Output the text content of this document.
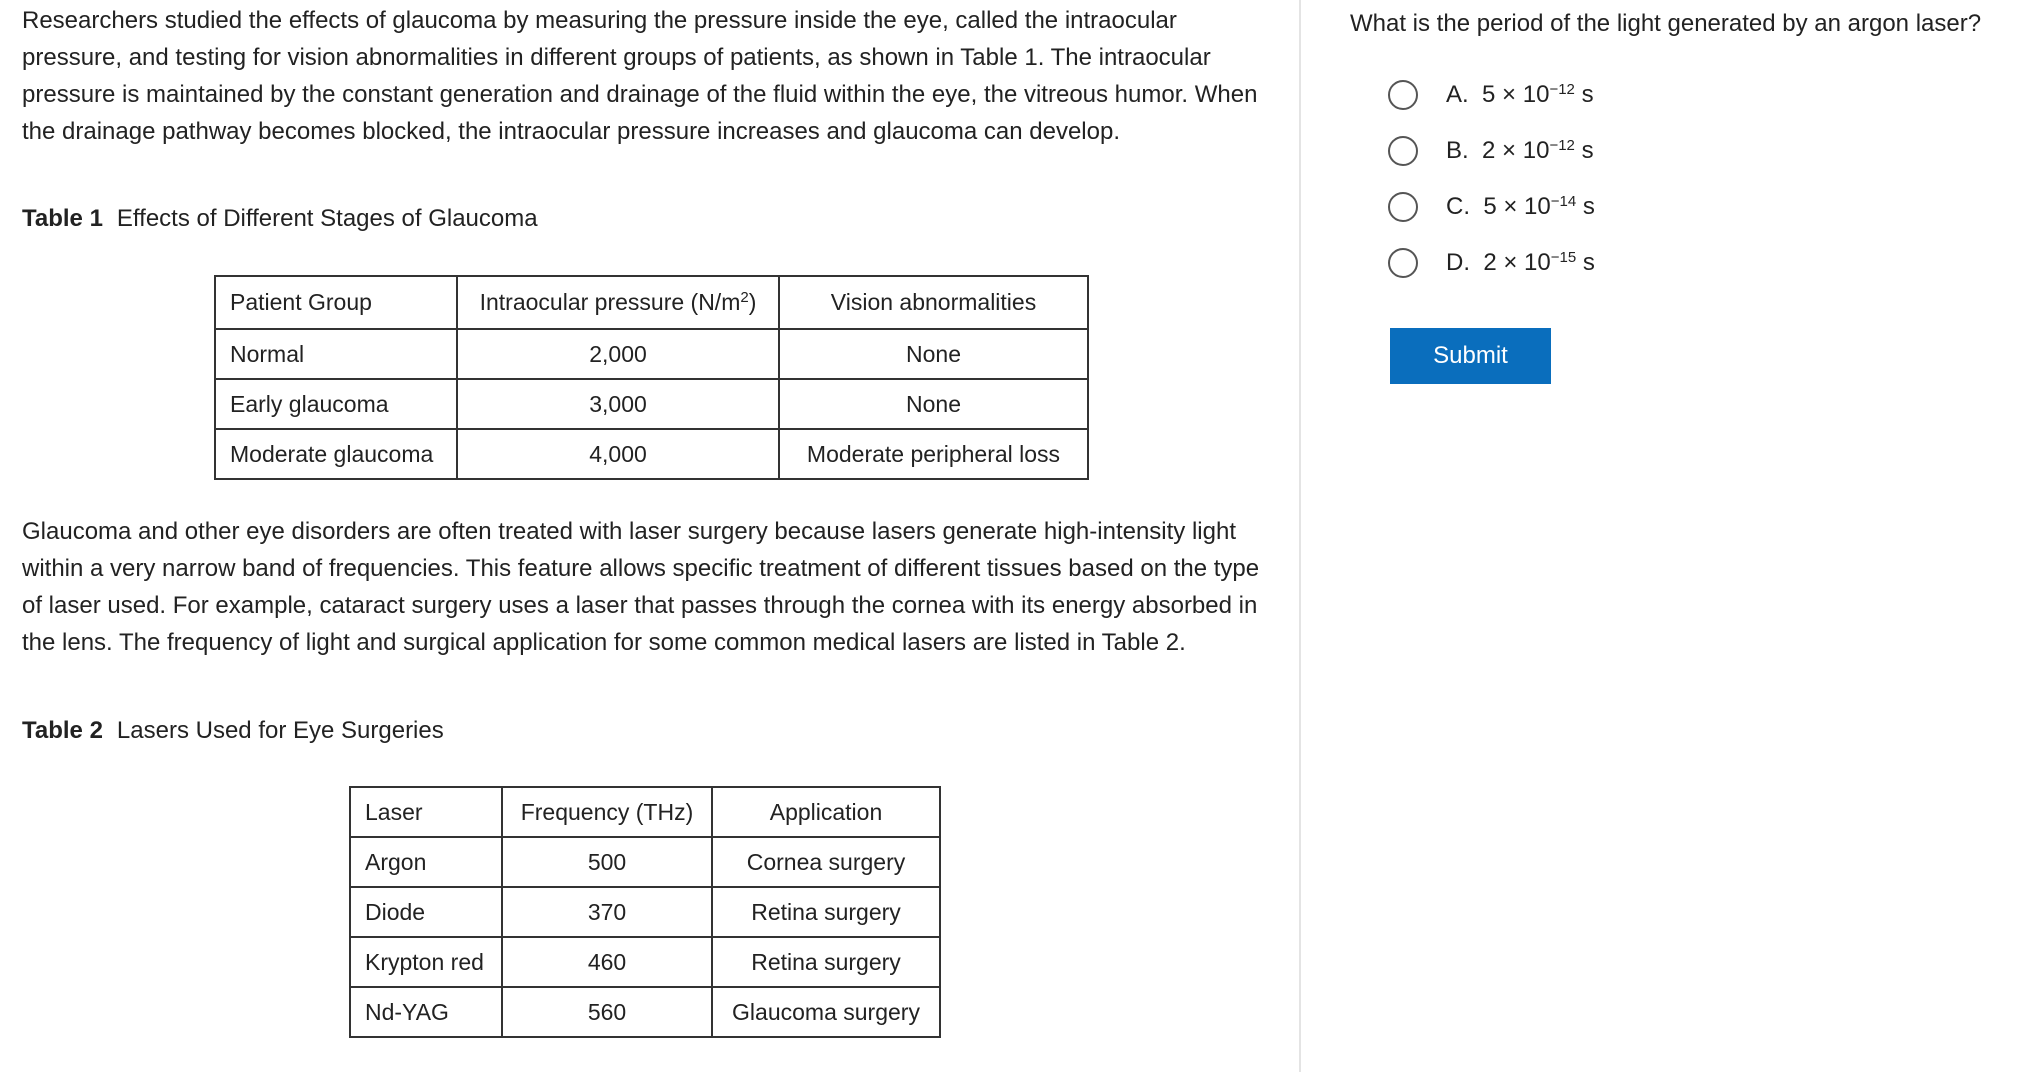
Researchers studied the effects of glaucoma by measuring the pressure inside the eye, called the intraocular pressure, and testing for vision abnormalities in different groups of patients, as shown in Table 1. The intraocular pressure is maintained by the constant generation and drainage of the fluid within the eye, the vitreous humor. When the drainage pathway becomes blocked, the intraocular pressure increases and glaucoma can develop.

Table 1 Effects of Different Stages of Glaucoma

Patient Group	Intraocular pressure $(N/m^2)$	Vision abnormalities
Normal	2,000	None
Early glaucoma	3,000	None
Moderate glaucoma	4,000	Moderate peripheral loss

Glaucoma and other eye disorders are often treated with laser surgery because lasers generate high-intensity light within a very narrow band of frequencies. This feature allows specific treatment of different tissues based on the type of laser used. For example, cataract surgery uses a laser that passes through the cornea with its energy absorbed in the lens. The frequency of light and surgical application for some common medical lasers are listed in Table 2.

Table 2 Lasers Used for Eye Surgeries

Laser	Frequency (THz)	Application
Argon	500	Cornea surgery
Diode	370	Retina surgery
Krypton red	460	Retina surgery
Nd-YAG	560	Glaucoma surgery

What is the period of the light generated by an argon laser?

A. $5 \times 10^{-12}$ s
B. $2 \times 10^{-12}$ s
C. $5 \times 10^{-14}$ s
D. $2 \times 10^{-15}$ s
Submit
